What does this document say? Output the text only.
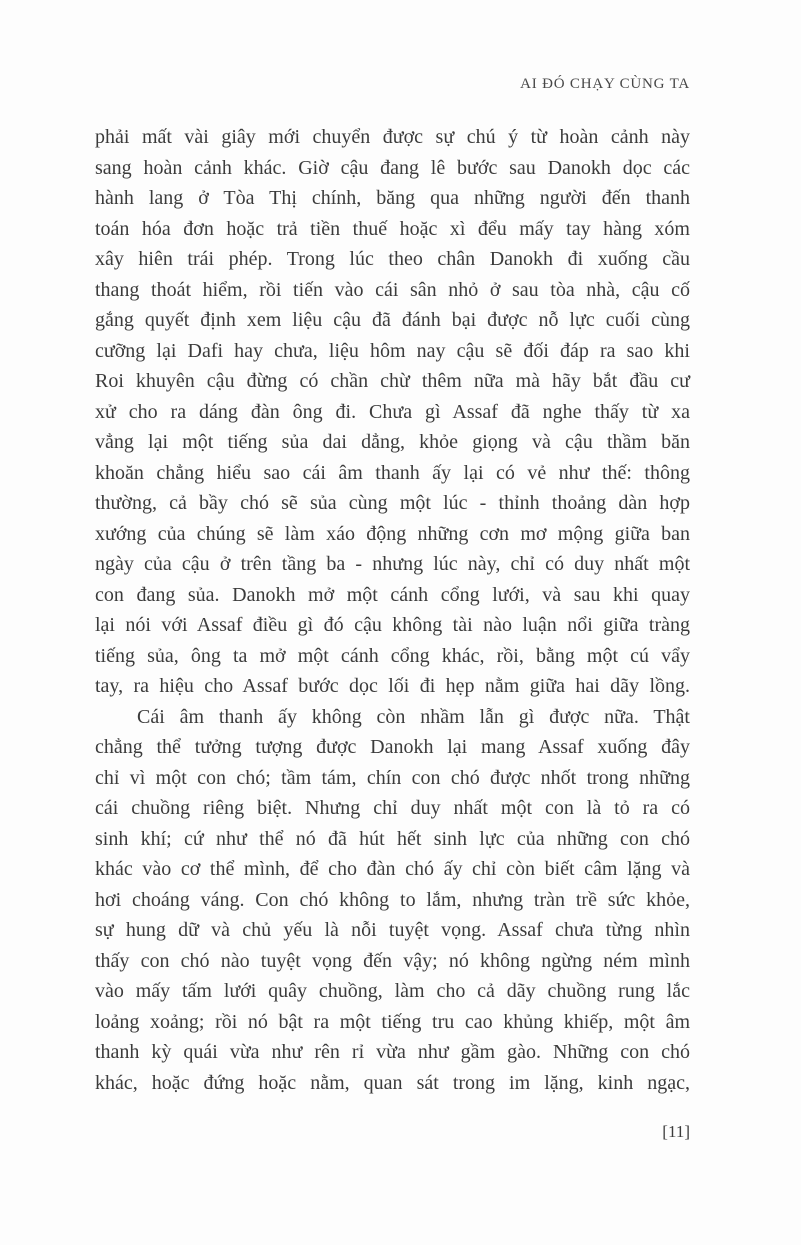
AI ĐÓ CHẠY CÙNG TA
phải mất vài giây mới chuyển được sự chú ý từ hoàn cảnh này
sang hoàn cảnh khác. Giờ cậu đang lê bước sau Danokh dọc các
hành lang ở Tòa Thị chính, băng qua những người đến thanh
toán hóa đơn hoặc trả tiền thuế hoặc xì đểu mấy tay hàng xóm
xây hiên trái phép. Trong lúc theo chân Danokh đi xuống cầu
thang thoát hiểm, rồi tiến vào cái sân nhỏ ở sau tòa nhà, cậu cố
gắng quyết định xem liệu cậu đã đánh bại được nỗ lực cuối cùng
cưỡng lại Dafi hay chưa, liệu hôm nay cậu sẽ đối đáp ra sao khi
Roi khuyên cậu đừng có chần chừ thêm nữa mà hãy bắt đầu cư
xử cho ra dáng đàn ông đi. Chưa gì Assaf đã nghe thấy từ xa
vẳng lại một tiếng sủa dai dẳng, khỏe giọng và cậu thầm băn
khoăn chẳng hiểu sao cái âm thanh ấy lại có vẻ như thế: thông
thường, cả bầy chó sẽ sủa cùng một lúc - thỉnh thoảng dàn hợp
xướng của chúng sẽ làm xáo động những cơn mơ mộng giữa ban
ngày của cậu ở trên tầng ba - nhưng lúc này, chỉ có duy nhất một
con đang sủa. Danokh mở một cánh cổng lưới, và sau khi quay
lại nói với Assaf điều gì đó cậu không tài nào luận nổi giữa tràng
tiếng sủa, ông ta mở một cánh cổng khác, rồi, bằng một cú vẩy
tay, ra hiệu cho Assaf bước dọc lối đi hẹp nằm giữa hai dãy lồng.
Cái âm thanh ấy không còn nhầm lẫn gì được nữa. Thật
chẳng thể tưởng tượng được Danokh lại mang Assaf xuống đây
chỉ vì một con chó; tầm tám, chín con chó được nhốt trong những
cái chuồng riêng biệt. Nhưng chỉ duy nhất một con là tỏ ra có
sinh khí; cứ như thể nó đã hút hết sinh lực của những con chó
khác vào cơ thể mình, để cho đàn chó ấy chỉ còn biết câm lặng và
hơi choáng váng. Con chó không to lắm, nhưng tràn trề sức khỏe,
sự hung dữ và chủ yếu là nỗi tuyệt vọng. Assaf chưa từng nhìn
thấy con chó nào tuyệt vọng đến vậy; nó không ngừng ném mình
vào mấy tấm lưới quây chuồng, làm cho cả dãy chuồng rung lắc
loảng xoảng; rồi nó bật ra một tiếng tru cao khủng khiếp, một âm
thanh kỳ quái vừa như rên rỉ vừa như gầm gào. Những con chó
khác, hoặc đứng hoặc nằm, quan sát trong im lặng, kinh ngạc,
[11]
